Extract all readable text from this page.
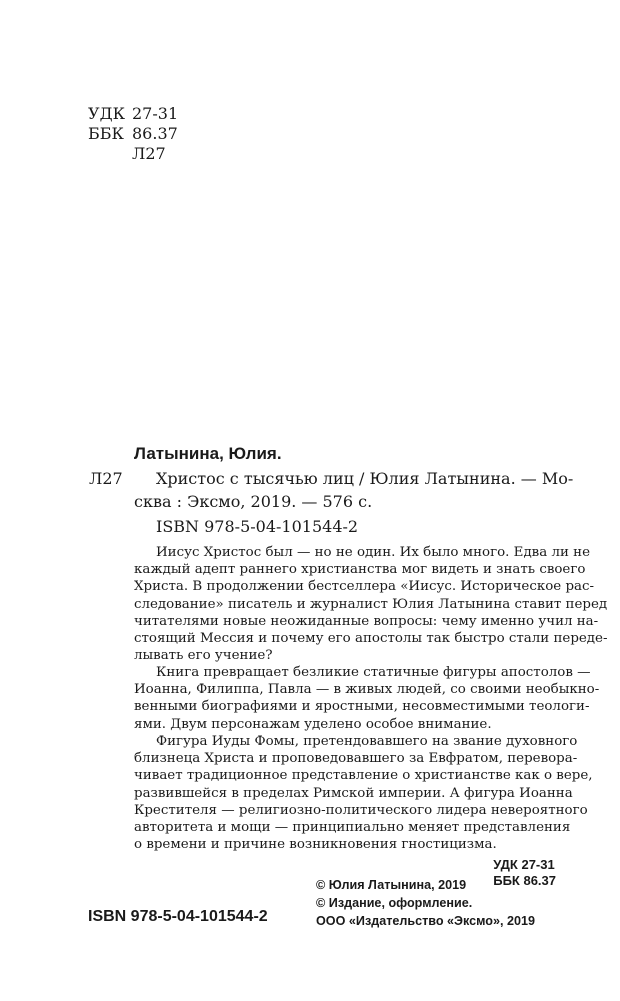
УДК 27-31
ББК 86.37
Л27
Латынина, Юлия.
Л27 Христос с тысячью лиц / Юлия Латынина. — Мо-
сква : Эксмо, 2019. — 576 с.
ISBN 978-5-04-101544-2
Иисус Христос был — но не один. Их было много. Едва ли не
каждый адепт раннего христианства мог видеть и знать своего
Христа. В продолжении бестселлера «Иисус. Историческое рас-
следование» писатель и журналист Юлия Латынина ставит перед
читателями новые неожиданные вопросы: чему именно учил на-
стоящий Мессия и почему его апостолы так быстро стали переде-
лывать его учение?
Книга превращает безликие статичные фигуры апостолов —
Иоанна, Филиппа, Павла — в живых людей, со своими необыкно-
венными биографиями и яростными, несовместимыми теологи-
ями. Двум персонажам уделено особое внимание.
Фигура Иуды Фомы, претендовавшего на звание духовного
близнеца Христа и проповедовавшего за Евфратом, перевора-
чивает традиционное представление о христианстве как о вере,
развившейся в пределах Римской империи. А фигура Иоанна
Крестителя — религиозно-политического лидера невероятного
авторитета и мощи — принципиально меняет представления
о времени и причине возникновения гностицизма.
УДК 27-31
ББК 86.37
ISBN 978-5-04-101544-2
© Юлия Латынина, 2019
© Издание, оформление.
ООО «Издательство «Эксмо», 2019
